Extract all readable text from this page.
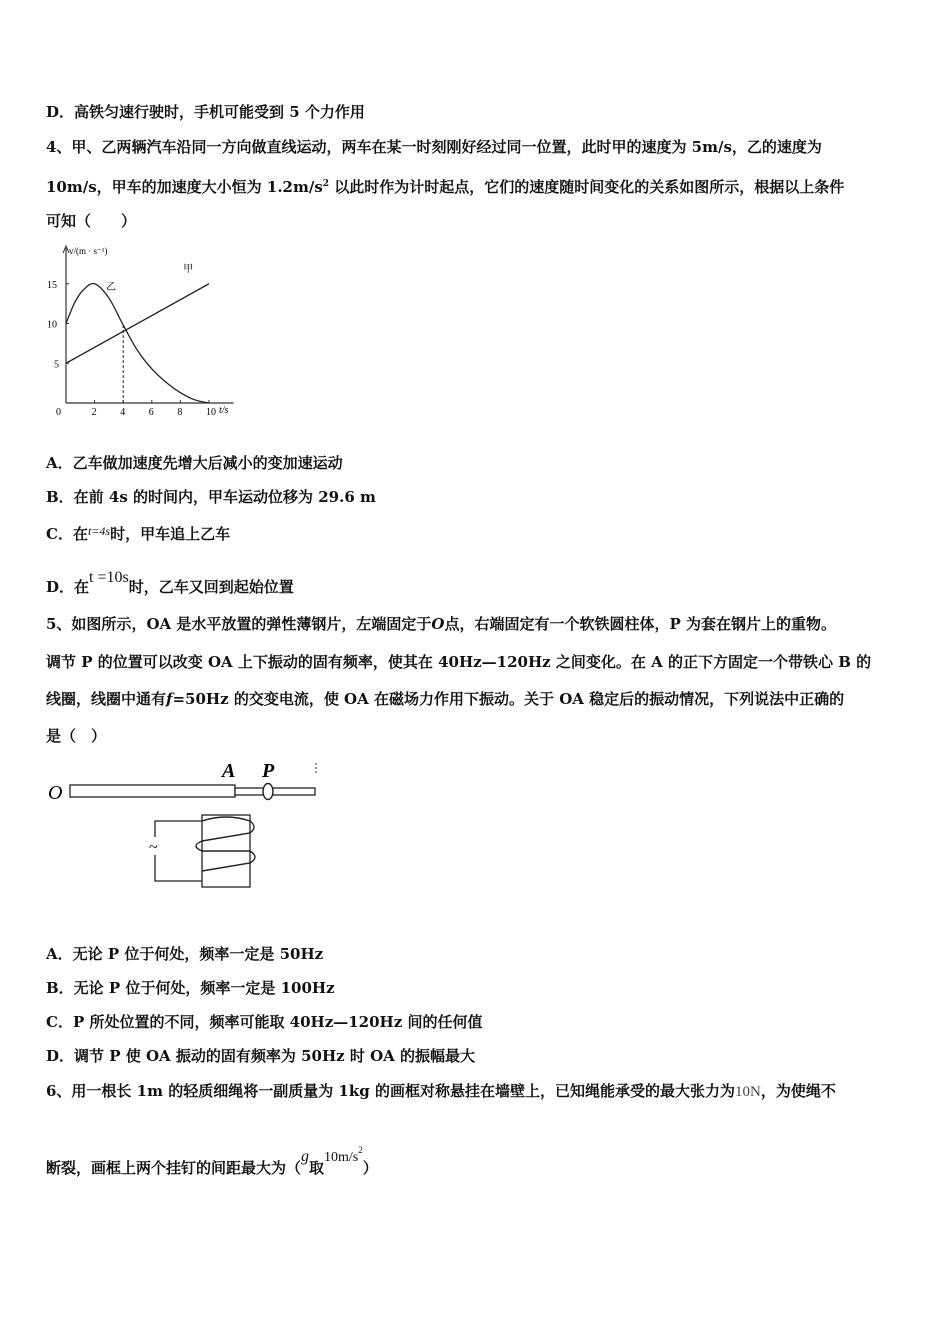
D．高铁匀速行驶时，手机可能受到 5 个力作用
4、甲、乙两辆汽车沿同一方向做直线运动，两车在某一时刻刚好经过同一位置，此时甲的速度为 5m/s，乙的速度为
10m/s，甲车的加速度大小恒为 $1.2m/s^2$ 以此时作为计时起点，它们的速度随时间变化的关系如图所示，根据以上条件
可知（　　）
v/(m · s⁻¹)
t/s
0	2 4 6 8 10
5
10
15
甲
乙
A．乙车做加速度先增大后减小的变加速运动
B．在前 4s 的时间内，甲车运动位移为 29.6 m
C．在$^{t=4s}$时，甲车追上乙车
D．在t =10s时，乙车又回到起始位置
5、如图所示，OA 是水平放置的弹性薄钢片，左端固定于O点，右端固定有一个软铁圆柱体，P 为套在钢片上的重物。
调节 P 的位置可以改变 OA 上下振动的固有频率，使其在 40Hz—120Hz 之间变化。在 A 的正下方固定一个带铁心 B 的
线圈，线圈中通有f=50Hz 的交变电流，使 OA 在磁场力作用下振动。关于 OA 稳定后的振动情况，下列说法中正确的
是（　）
O
A P
~
A．无论 P 位于何处，频率一定是 50Hz
B．无论 P 位于何处，频率一定是 100Hz
C．P 所处位置的不同，频率可能取 40Hz—120Hz 间的任何值
D．调节 P 使 OA 振动的固有频率为 50Hz 时 OA 的振幅最大
6、用一根长 1m 的轻质细绳将一副质量为 1kg 的画框对称悬挂在墙壁上，已知绳能承受的最大张力为10N，为使绳不
断裂，画框上两个挂钉的间距最大为（g取$10m/s^2$）
